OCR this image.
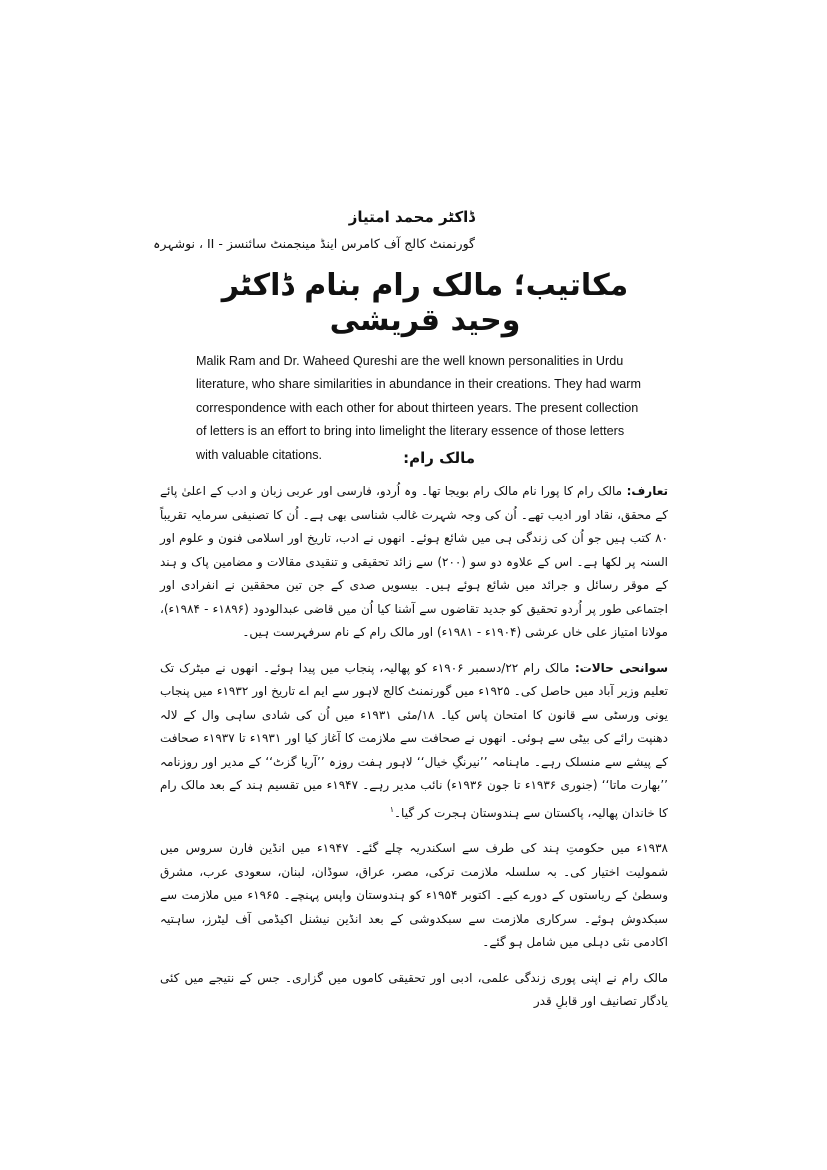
ڈاکٹر محمد امتیاز
گورنمنٹ کالج آف کامرس اینڈ مینجمنٹ سائنسز - II ، نوشہرہ
مکاتیب؛ مالک رام بنام ڈاکٹر وحید قریشی

Malik Ram and Dr. Waheed Qureshi are the well known personalities in Urdu

literature, who share similarities in abundance in their creations. They had warm

correspondence with each other for about thirteen years. The present collection

of letters is an effort to bring into limelight the literary essence of those letters

with valuable citations.	مالک رام:

تعارف: مالک رام کا پورا نام مالک رام بویجا تھا۔ وہ اُردو، فارسی اور عربی زبان و ادب کے اعلیٰ پائے کے محقق، نقاد اور ادیب تھے۔ اُن کی وجہ شہرت غالب شناسی بھی ہے۔ اُن کا تصنیفی سرمایہ تقریباً ۸۰ کتب ہیں جو اُن کی زندگی ہی میں شائع ہوئے۔ انھوں نے ادب، تاریخ اور اسلامی فنون و علوم اور السنہ پر لکھا ہے۔ اس کے علاوہ دو سو (۲۰۰) سے زائد تحقیقی و تنقیدی مقالات و مضامین پاک و ہند کے موقر رسائل و جرائد میں شائع ہوئے ہیں۔ بیسویں صدی کے جن تین محققین نے انفرادی اور اجتماعی طور پر اُردو تحقیق کو جدید تقاضوں سے آشنا کیا اُن میں قاضی عبدالودود (۱۸۹۶ء - ۱۹۸۴ء)، مولانا امتیاز علی خاں عرشی (۱۹۰۴ء - ۱۹۸۱ء) اور مالک رام کے نام سرفہرست ہیں۔

سوانحی حالات: مالک رام ۲۲/دسمبر ۱۹۰۶ء کو پھالیہ، پنجاب میں پیدا ہوئے۔ انھوں نے میٹرک تک تعلیم وزیر آباد میں حاصل کی۔ ۱۹۲۵ء میں گورنمنٹ کالج لاہور سے ایم اے تاریخ اور ۱۹۳۲ء میں پنجاب یونی ورسٹی سے قانون کا امتحان پاس کیا۔ ۱۸/مئی ۱۹۳۱ء میں اُن کی شادی ساہی وال کے لالہ دھنپت رائے کی بیٹی سے ہوئی۔ انھوں نے صحافت سے ملازمت کا آغاز کیا اور ۱۹۳۱ء تا ۱۹۳۷ء صحافت کے پیشے سے منسلک رہے۔ ماہنامہ ’’نیرنگِ خیال‘‘ لاہور ہفت روزہ ’’آریا گزٹ‘‘ کے مدیر اور روزنامہ ’’بھارت ماتا‘‘ (جنوری ۱۹۳۶ء تا جون ۱۹۳۶ء) نائب مدیر رہے۔ ۱۹۴۷ء میں تقسیم ہند کے بعد مالک رام کا خاندان پھالیہ، پاکستان سے ہندوستان ہجرت کر گیا۔$^۱$

۱۹۳۸ء میں حکومتِ ہند کی طرف سے اسکندریہ چلے گئے۔ ۱۹۴۷ء میں انڈین فارن سروس میں شمولیت اختیار کی۔ بہ سلسلہ ملازمت ترکی، مصر، عراق، سوڈان، لبنان، سعودی عرب، مشرق وسطیٰ کے ریاستوں کے دورے کیے۔ اکتوبر ۱۹۵۴ء کو ہندوستان واپس پہنچے۔ ۱۹۶۵ء میں ملازمت سے سبکدوش ہوئے۔ سرکاری ملازمت سے سبکدوشی کے بعد انڈین نیشنل اکیڈمی آف لیٹرز، ساہتیہ اکادمی نئی دہلی میں شامل ہو گئے۔

مالک رام نے اپنی پوری زندگی علمی، ادبی اور تحقیقی کاموں میں گزاری۔ جس کے نتیجے میں کئی یادگار تصانیف اور قابلِ قدر
